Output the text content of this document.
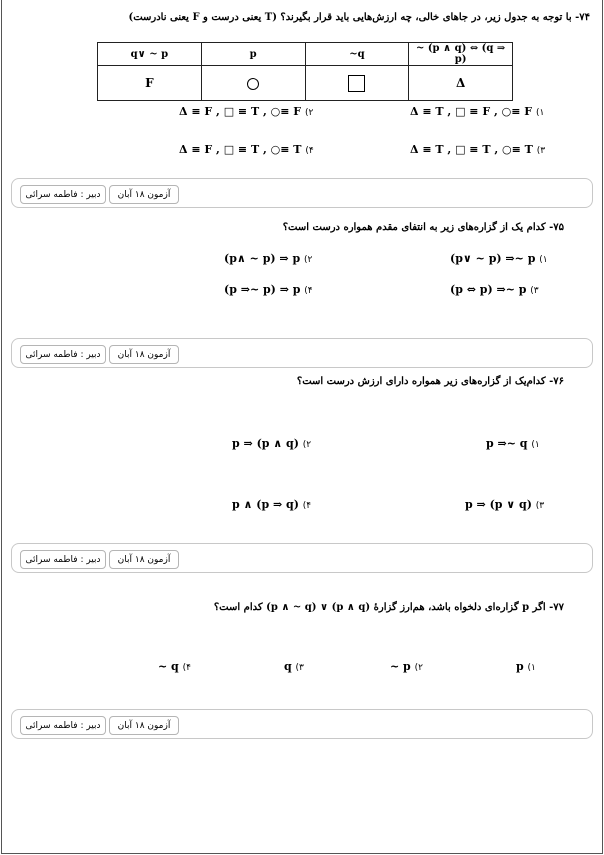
۷۴- با توجه به جدول زیر، در جاهای خالی، چه ارزش‌هایی باید قرار بگیرند؟ (T یعنی درست و F یعنی نادرست)
q∨ ~ p	p	~q	~ (p ∧ q) ⇔ (q ⇒ p)
F			Δ
Δ ≡ T , □ ≡ F , ○≡ F (۱
Δ ≡ F , □ ≡ T , ○≡ F (۲
Δ ≡ T , □ ≡ T , ○≡ T (۳
Δ ≡ F , □ ≡ T , ○≡ T (۴
دبیر : فاطمه سرائی	آزمون ۱۸ آبان
۷۵- کدام یک از گزاره‌های زیر به انتفای مقدم همواره درست است؟
(p∨ ~ p) ⇒~ p (۱
(p∧ ~ p) ⇒ p (۲
(p ⇔ p) ⇒~ p (۳
(p ⇒~ p) ⇒ p (۴
دبیر : فاطمه سرائی	آزمون ۱۸ آبان
۷۶- کدام‌یک از گزاره‌های زیر همواره دارای ارزش درست است؟
p ⇒~ q (۱
p ⇒ (p ∧ q) (۲
p ⇒ (p ∨ q) (۳
p ∧ (p ⇒ q) (۴
دبیر : فاطمه سرائی	آزمون ۱۸ آبان
۷۷- اگر p گزاره‌ای دلخواه باشد، هم‌ارز گزارهٔ (p ∧ q) ∨ (p ∧ ~ q) کدام است؟
p (۱
~ p (۲
q (۳
~ q (۴
دبیر : فاطمه سرائی	آزمون ۱۸ آبان
